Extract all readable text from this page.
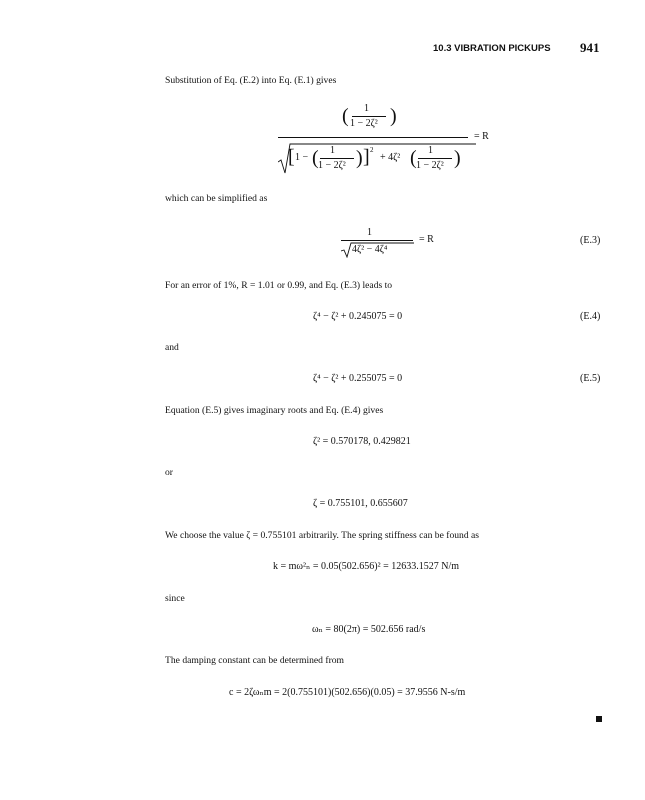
10.3 VIBRATION PICKUPS 941
Substitution of Eq. (E.2) into Eq. (E.1) gives
( 1
1 − 2ζ² )
= R
[ 1 − ( 1
1 − 2ζ² ) ] 2
+ 4ζ² ( 1
1 − 2ζ² )
which can be simplified as
1
4ζ² − 4ζ⁴
= R	(E.3)
For an error of 1%, R = 1.01 or 0.99, and Eq. (E.3) leads to
ζ⁴ − ζ² + 0.245075 = 0	(E.4)
and
ζ⁴ − ζ² + 0.255075 = 0	(E.5)
Equation (E.5) gives imaginary roots and Eq. (E.4) gives
ζ² = 0.570178, 0.429821
or
ζ = 0.755101, 0.655607
We choose the value ζ = 0.755101 arbitrarily. The spring stiffness can be found as
k = mω²ₙ = 0.05(502.656)² = 12633.1527 N/m
since
ωₙ = 80(2π) = 502.656 rad/s
The damping constant can be determined from
c = 2ζωₙm = 2(0.755101)(502.656)(0.05) = 37.9556 N-s/m
